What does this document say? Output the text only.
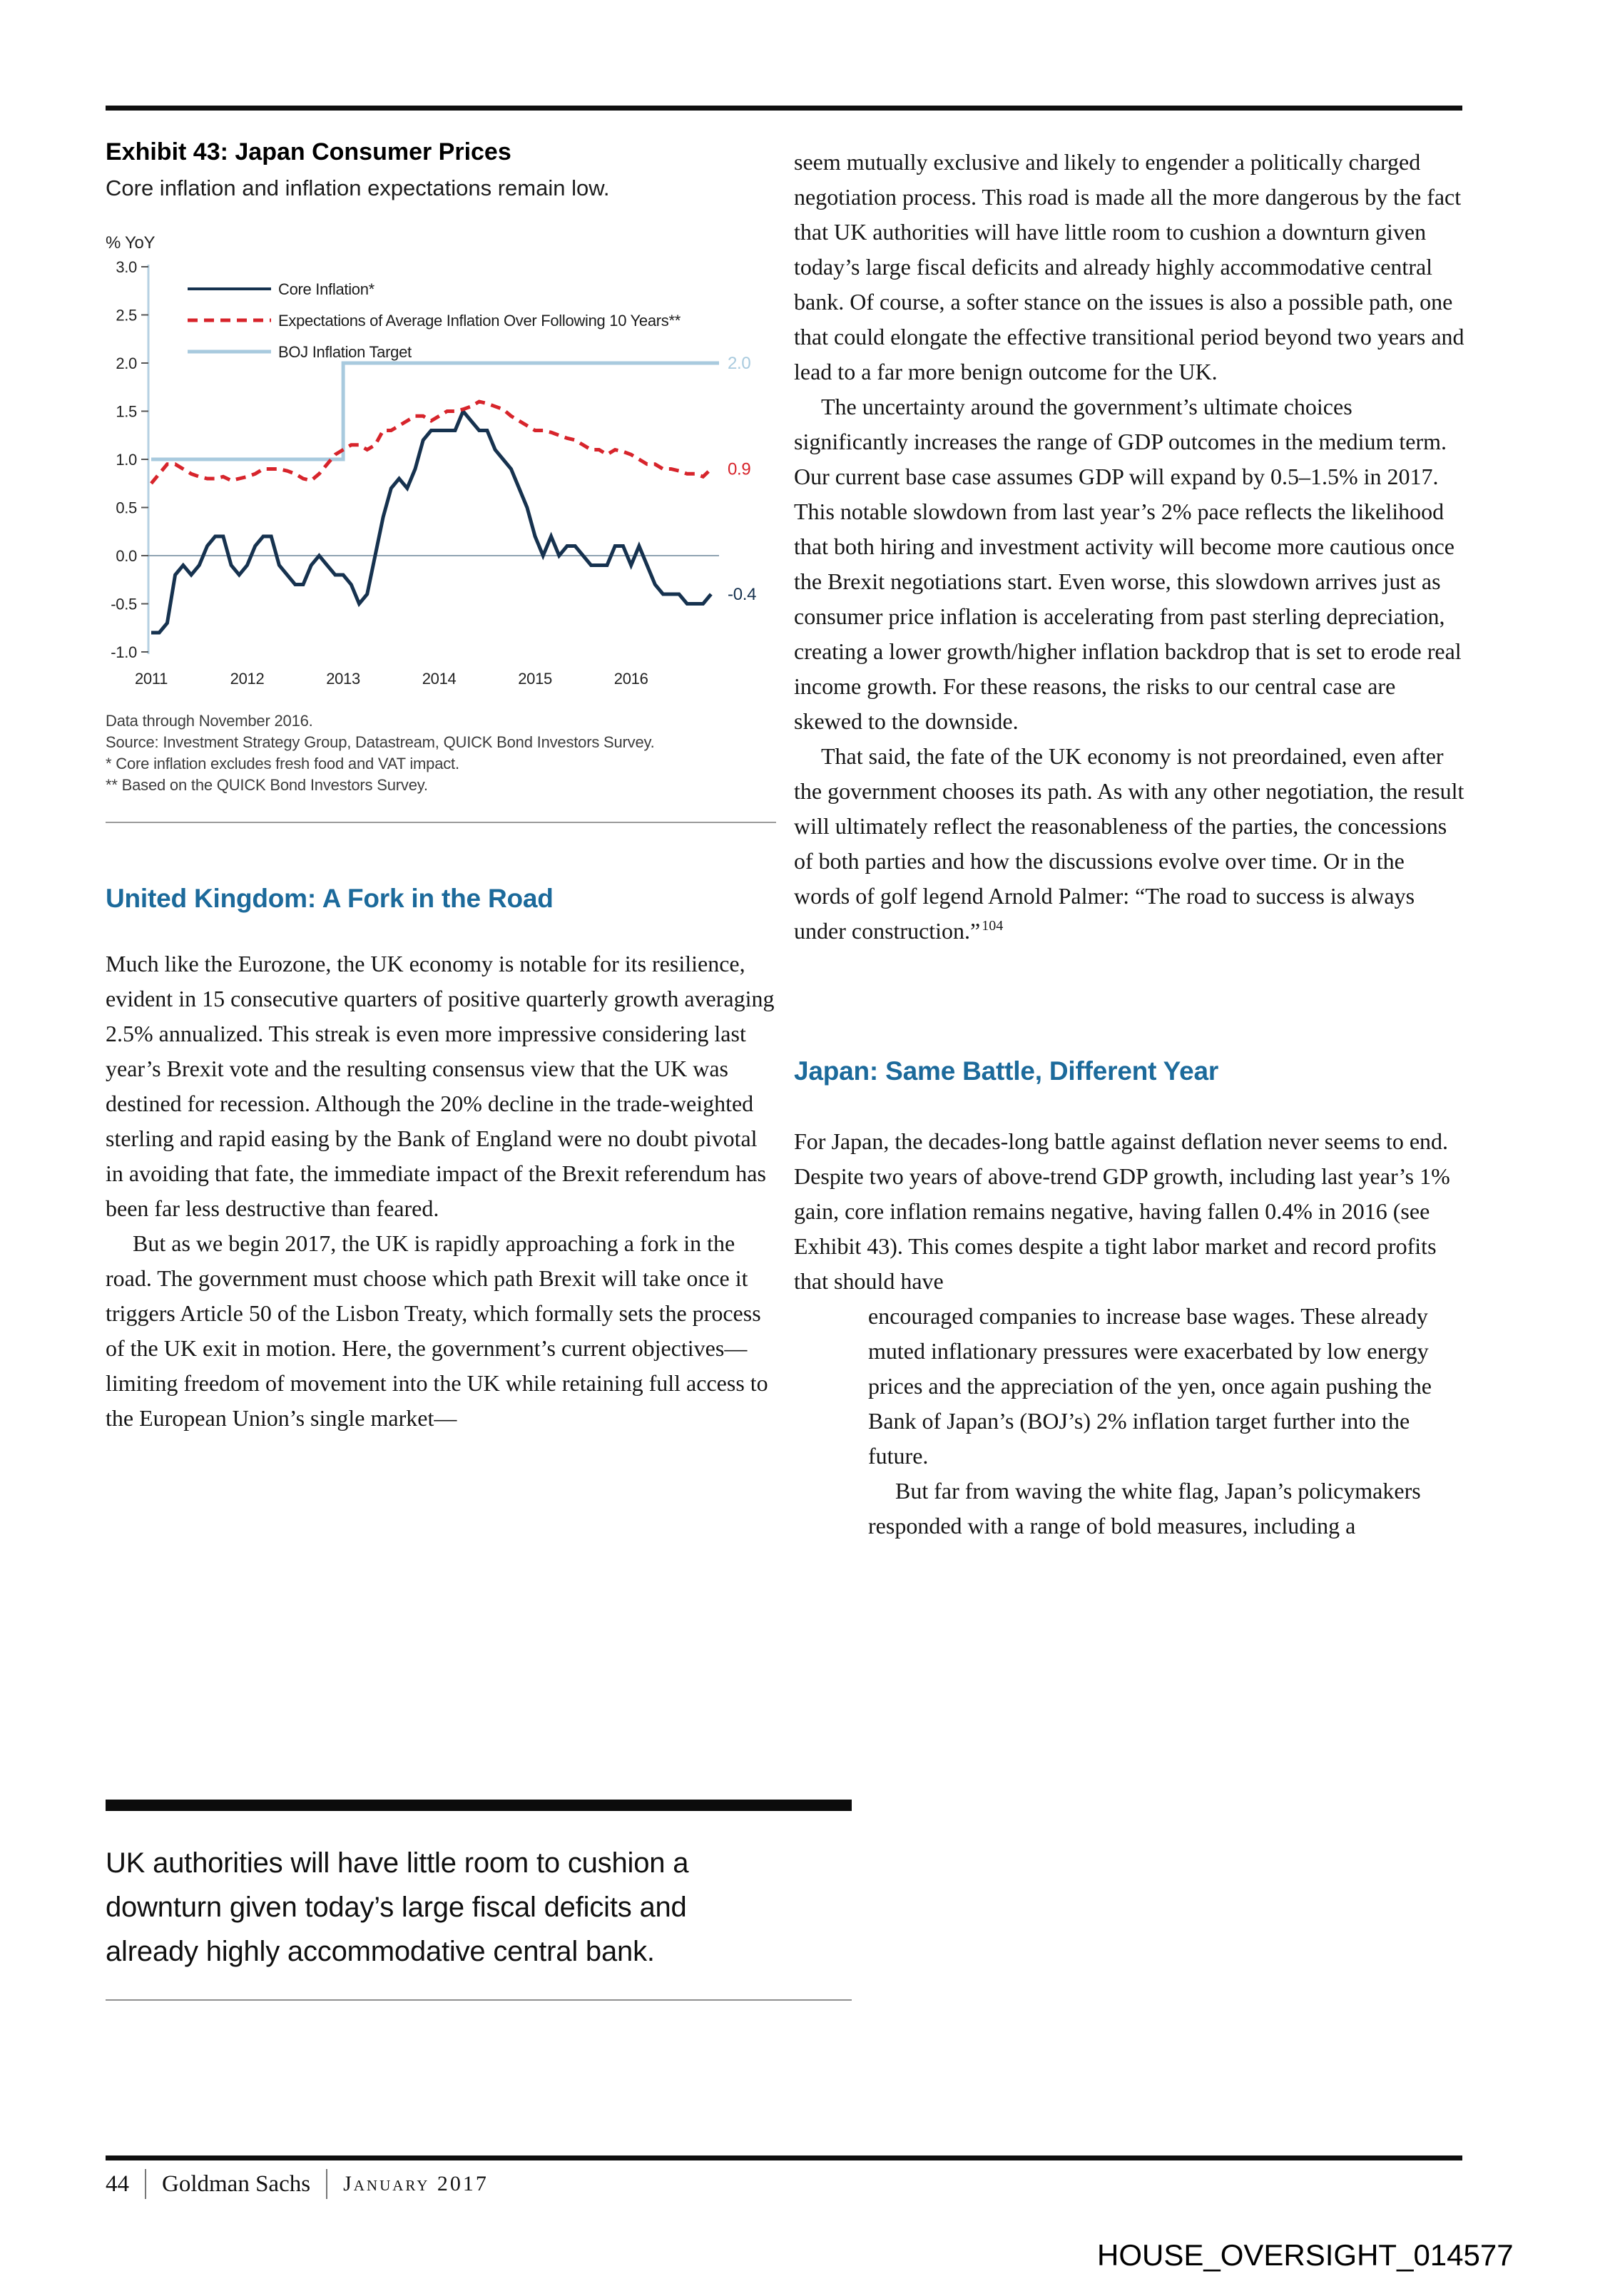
Exhibit 43: Japan Consumer Prices
Core inflation and inflation expectations remain low.
% YoY
3.0
2.5
2.0
1.5
1.0
0.5
0.0
-0.5
-1.0
2011	2012	2013	2014	2015	2016
-0.4
0.9
2.0
Core Inflation*
Expectations of Average Inflation Over Following 10 Years**
BOJ Inflation Target
Data through November 2016.
Source: Investment Strategy Group, Datastream, QUICK Bond Investors Survey.
* Core inflation excludes fresh food and VAT impact.
** Based on the QUICK Bond Investors Survey.
United Kingdom: A Fork in the Road

Much like the Eurozone, the UK economy is notable for its resilience, evident in 15 consecutive quarters of positive quarterly growth averaging 2.5% annualized. This streak is even more impressive considering last year’s Brexit vote and the resulting consensus view that the UK was destined for recession. Although the 20% decline in the trade-weighted sterling and rapid easing by the Bank of England were no doubt pivotal in avoiding that fate, the immediate impact of the Brexit referendum has been far less destructive than feared.

But as we begin 2017, the UK is rapidly approaching a fork in the road. The government must choose which path Brexit will take once it triggers Article 50 of the Lisbon Treaty, which formally sets the process of the UK exit in motion. Here, the government’s current objectives—limiting freedom of movement into the UK while retaining full access to the European Union’s single market—

seem mutually exclusive and likely to engender a politically charged negotiation process. This road is made all the more dangerous by the fact that UK authorities will have little room to cushion a downturn given today’s large fiscal deficits and already highly accommodative central bank. Of course, a softer stance on the issues is also a possible path, one that could elongate the effective transitional period beyond two years and lead to a far more benign outcome for the UK.

The uncertainty around the government’s ultimate choices significantly increases the range of GDP outcomes in the medium term. Our current base case assumes GDP will expand by 0.5–1.5% in 2017. This notable slowdown from last year’s 2% pace reflects the likelihood that both hiring and investment activity will become more cautious once the Brexit negotiations start. Even worse, this slowdown arrives just as consumer price inflation is accelerating from past sterling depreciation, creating a lower growth/higher inflation backdrop that is set to erode real income growth. For these reasons, the risks to our central case are skewed to the downside.

That said, the fate of the UK economy is not preordained, even after the government chooses its path. As with any other negotiation, the result will ultimately reflect the reasonableness of the parties, the concessions of both parties and how the discussions evolve over time. Or in the words of golf legend Arnold Palmer: “The road to success is always under construction.” $^{104}$

Japan: Same Battle, Different Year

For Japan, the decades-long battle against deflation never seems to end. Despite two years of above-trend GDP growth, including last year’s 1% gain, core inflation remains negative, having fallen 0.4% in 2016 (see Exhibit 43). This comes despite a tight labor market and record profits that should have

encouraged companies to increase base wages. These already muted inflationary pressures were exacerbated by low energy prices and the appreciation of the yen, once again pushing the Bank of Japan’s (BOJ’s) 2% inflation target further into the future.

But far from waving the white flag, Japan’s policymakers responded with a range of bold measures, including a

UK authorities will have little room to cushion a downturn given today’s large fiscal deficits and already highly accommodative central bank.
44 Goldman Sachs January 2017
HOUSE_OVERSIGHT_014577
